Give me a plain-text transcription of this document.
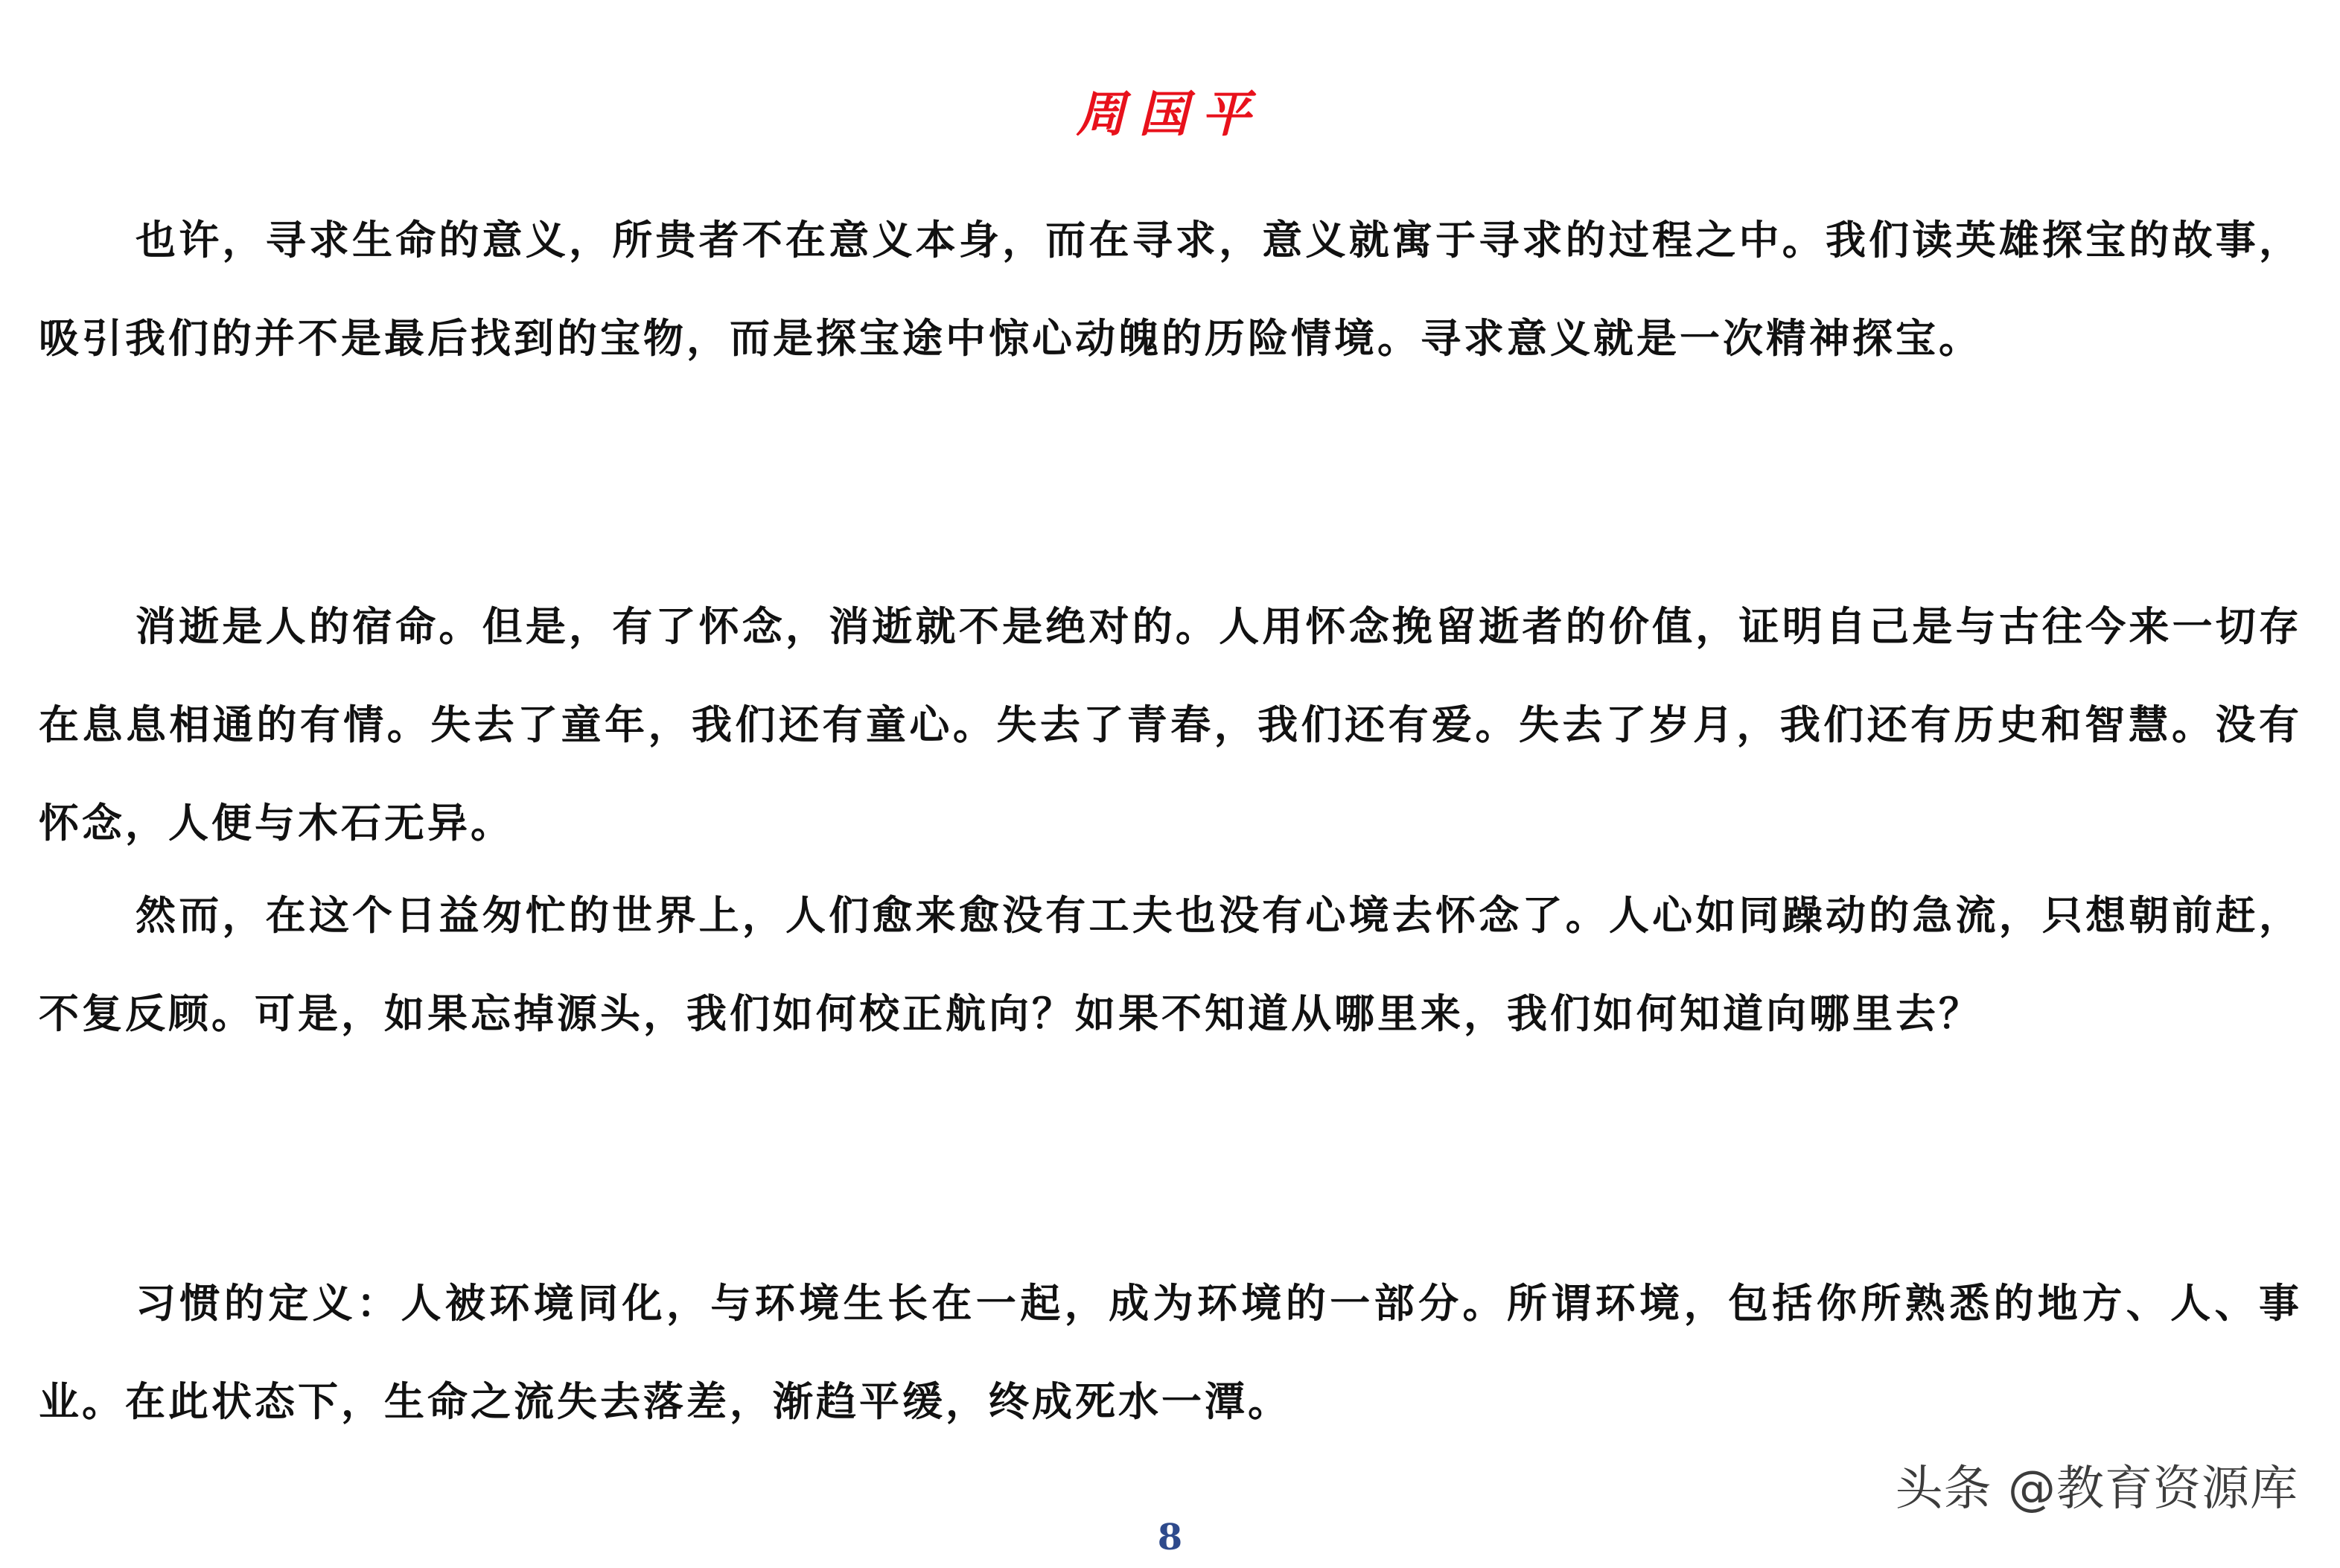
周国平

也许，寻求生命的意义，所贵者不在意义本身，而在寻求，意义就寓于寻求的过程之中。我们读英雄探宝的故事，吸引我们的并不是最后找到的宝物，而是探宝途中惊心动魄的历险情境。寻求意义就是一次精神探宝。

消逝是人的宿命。但是，有了怀念，消逝就不是绝对的。人用怀念挽留逝者的价值，证明自己是与古往今来一切存在息息相通的有情。失去了童年，我们还有童心。失去了青春，我们还有爱。失去了岁月，我们还有历史和智慧。没有怀念，人便与木石无异。

然而，在这个日益匆忙的世界上，人们愈来愈没有工夫也没有心境去怀念了。人心如同躁动的急流，只想朝前赶，不复反顾。可是，如果忘掉源头，我们如何校正航向？如果不知道从哪里来，我们如何知道向哪里去？

习惯的定义：人被环境同化，与环境生长在一起，成为环境的一部分。所谓环境，包括你所熟悉的地方、人、事业。在此状态下，生命之流失去落差，渐趋平缓，终成死水一潭。

头条 @教育资源库
8
